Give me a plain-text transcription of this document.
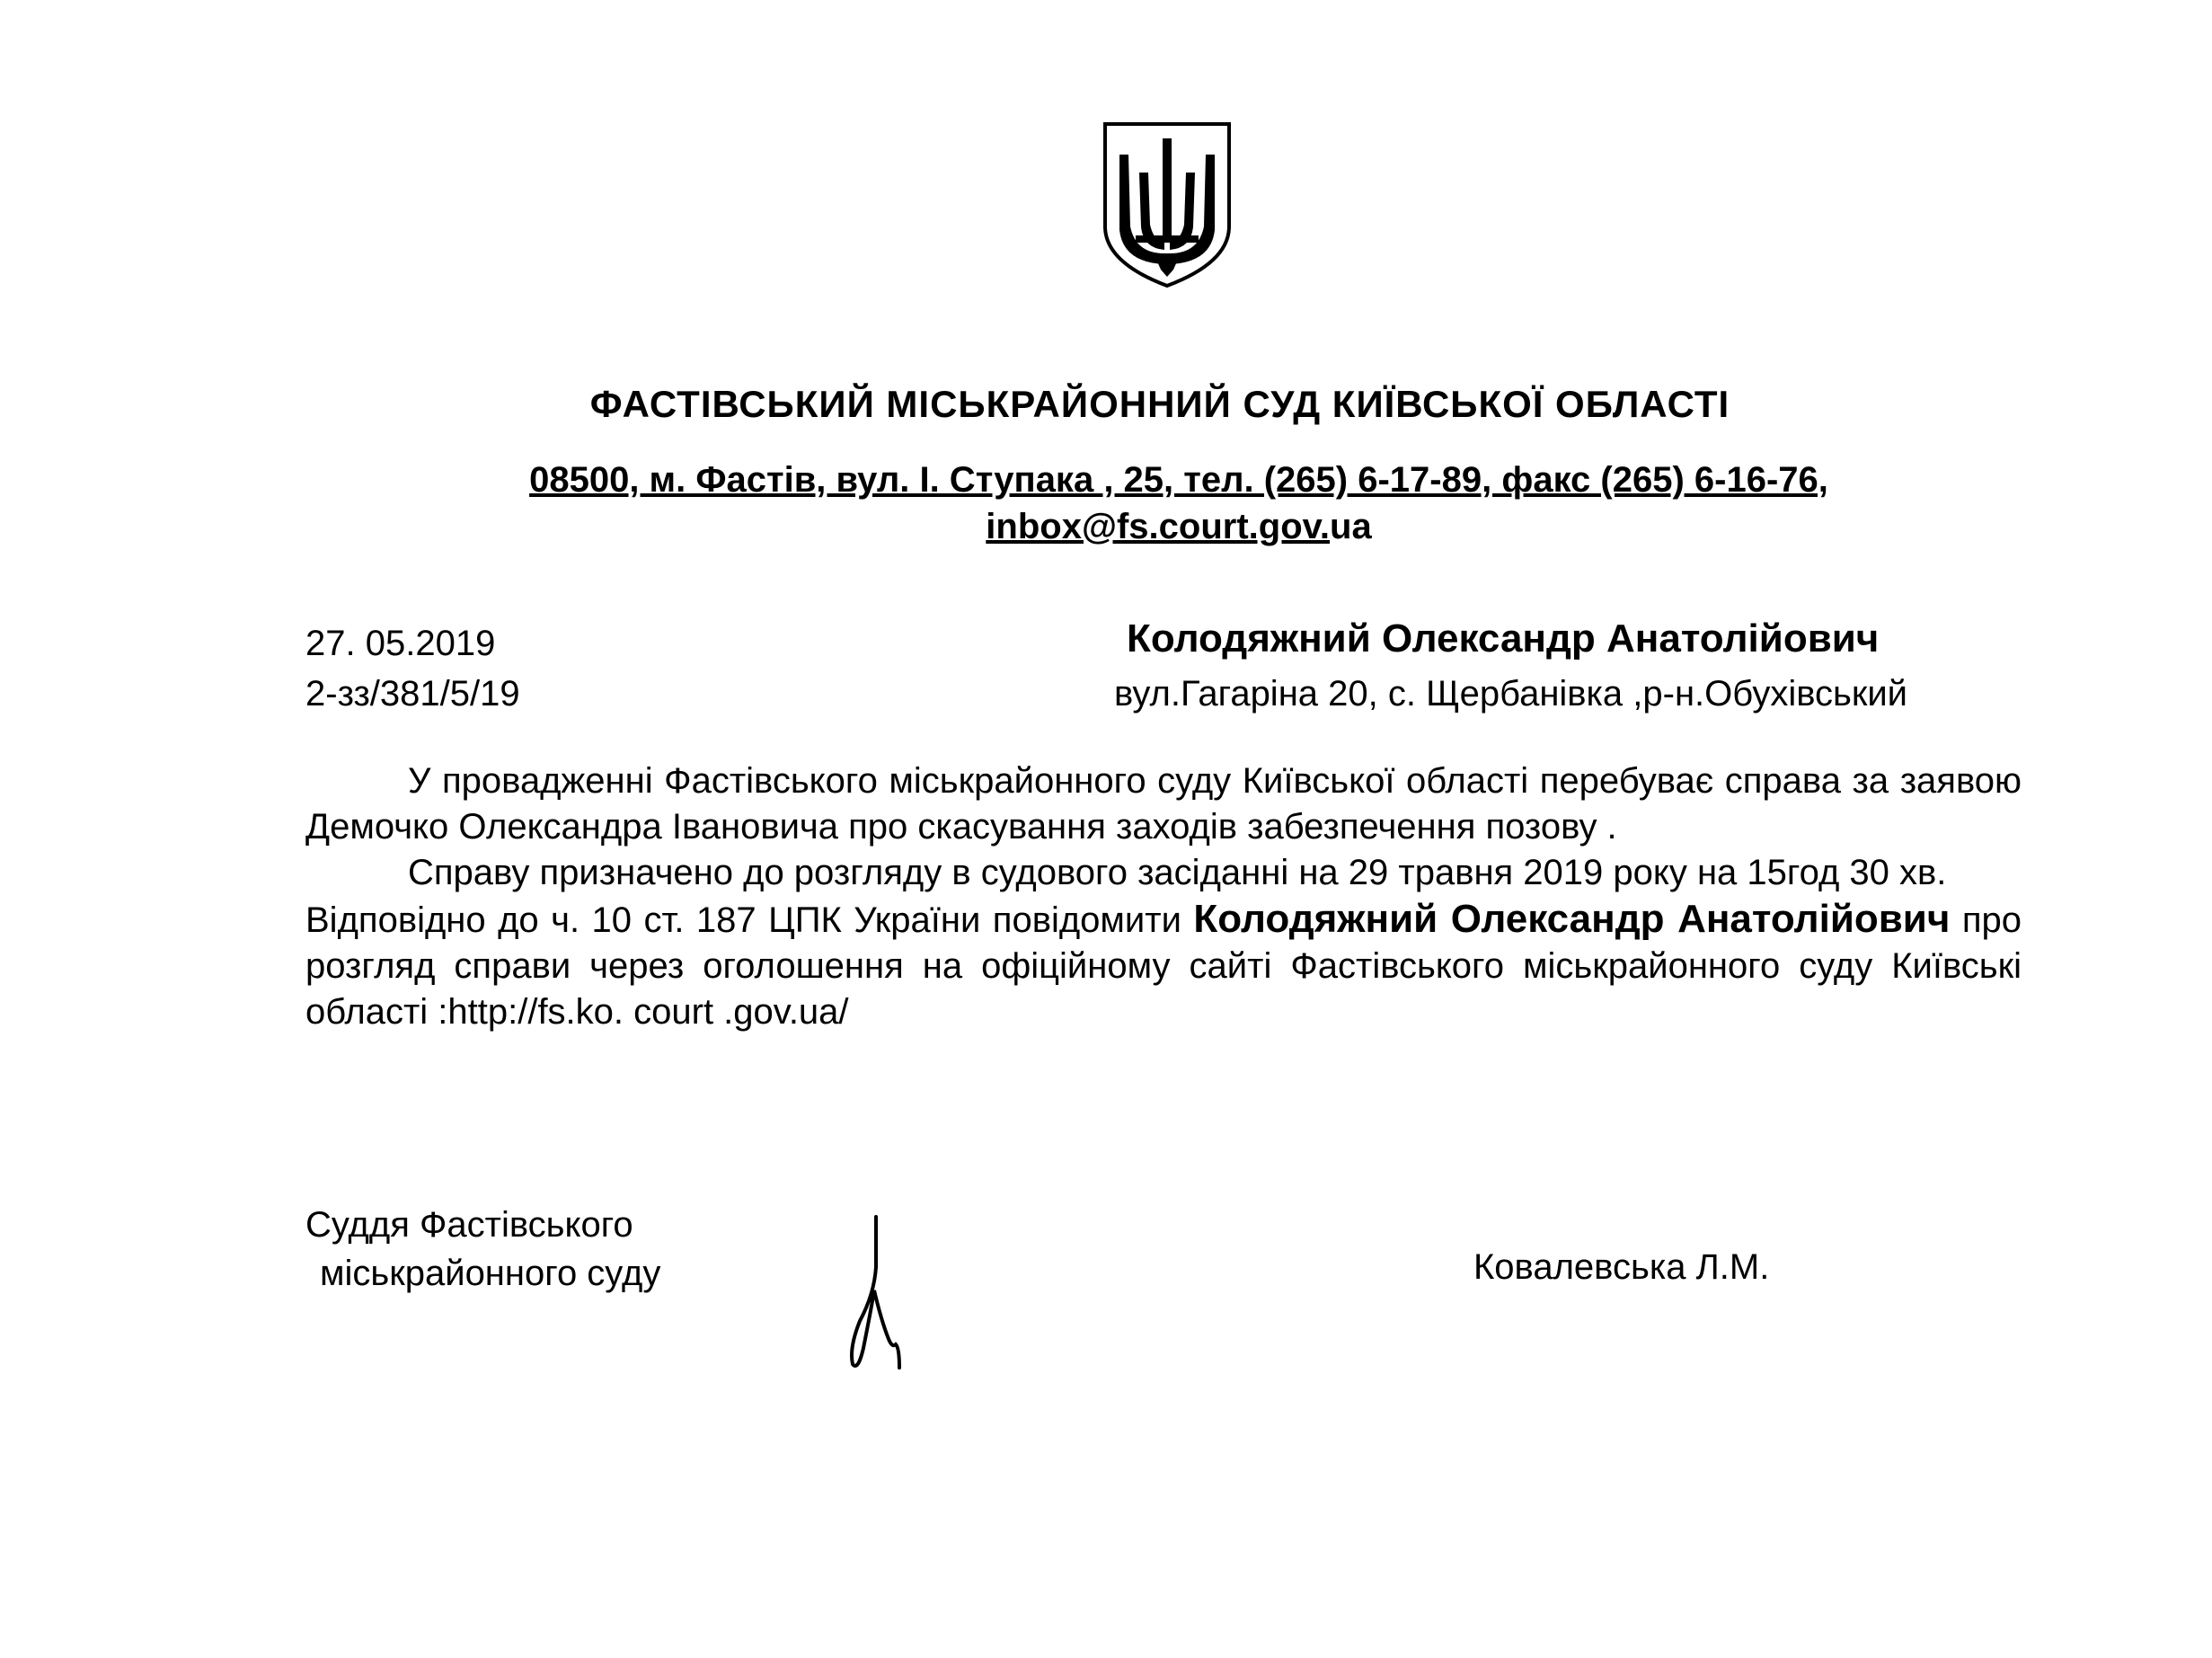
ФАСТІВСЬКИЙ МІСЬКРАЙОННИЙ СУД КИЇВСЬКОЇ ОБЛАСТІ
08500, м. Фастів, вул. І. Ступака , 25, тел. (265) 6-17-89, факс (265) 6-16-76,
inbox@fs.court.gov.ua
27. 05.2019
2-зз/381/5/19
Колодяжний Олександр Анатолійович
вул.Гагаріна 20, с. Щербанівка ,р-н.Обухівський

У провадженні Фастівського міськрайонного суду Київської області перебуває справа за заявою Демочко Олександра Івановича про скасування заходів забезпечення позову .

Справу призначено до розгляду в судового засіданні на 29 травня 2019 року на 15год 30 хв.

Відповідно до ч. 10 ст. 187 ЦПК України повідомити Колодяжний Олександр Анатолійович про розгляд справи через оголошення на офіційному сайті Фастівського міськрайонного суду Київські області :http://fs.ko. court .gov.ua/

Суддя Фастівського
міськрайонного суду	Ковалевська Л.М.
